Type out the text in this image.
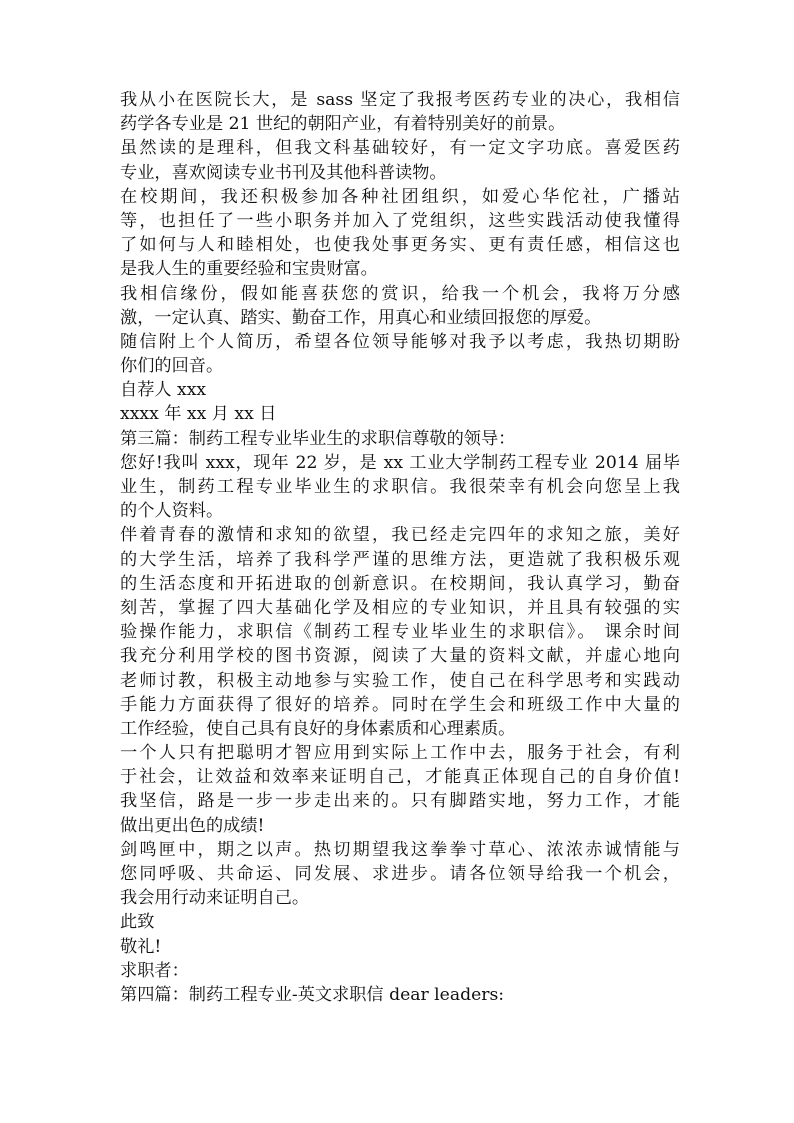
我从小在医院长大，是 sass 坚定了我报考医药专业的决心，我相信
药学各专业是 21 世纪的朝阳产业，有着特别美好的前景。
虽然读的是理科，但我文科基础较好，有一定文字功底。喜爱医药
专业，喜欢阅读专业书刊及其他科普读物。
在校期间，我还积极参加各种社团组织，如爱心华佗社，广播站
等，也担任了一些小职务并加入了党组织，这些实践活动使我懂得
了如何与人和睦相处，也使我处事更务实、更有责任感，相信这也
是我人生的重要经验和宝贵财富。
我相信缘份，假如能喜获您的赏识，给我一个机会，我将万分感
激，一定认真、踏实、勤奋工作，用真心和业绩回报您的厚爱。
随信附上个人简历，希望各位领导能够对我予以考虑，我热切期盼
你们的回音。
自荐人 xxx
xxxx 年 xx 月 xx 日
第三篇：制药工程专业毕业生的求职信尊敬的领导：
您好!我叫 xxx，现年 22 岁，是 xx 工业大学制药工程专业 2014 届毕
业生，制药工程专业毕业生的求职信。我很荣幸有机会向您呈上我
的个人资料。
伴着青春的激情和求知的欲望，我已经走完四年的求知之旅，美好
的大学生活，培养了我科学严谨的思维方法，更造就了我积极乐观
的生活态度和开拓进取的创新意识。在校期间，我认真学习，勤奋
刻苦，掌握了四大基础化学及相应的专业知识，并且具有较强的实
验操作能力，求职信《制药工程专业毕业生的求职信》。 课余时间
我充分利用学校的图书资源，阅读了大量的资料文献，并虚心地向
老师讨教，积极主动地参与实验工作，使自己在科学思考和实践动
手能力方面获得了很好的培养。同时在学生会和班级工作中大量的
工作经验，使自己具有良好的身体素质和心理素质。
一个人只有把聪明才智应用到实际上工作中去，服务于社会，有利
于社会，让效益和效率来证明自己，才能真正体现自己的自身价值!
我坚信，路是一步一步走出来的。只有脚踏实地，努力工作，才能
做出更出色的成绩!
剑鸣匣中，期之以声。热切期望我这拳拳寸草心、浓浓赤诚情能与
您同呼吸、共命运、同发展、求进步。请各位领导给我一个机会，
我会用行动来证明自己。
此致
敬礼!
求职者：
第四篇：制药工程专业-英文求职信 dear leaders:
